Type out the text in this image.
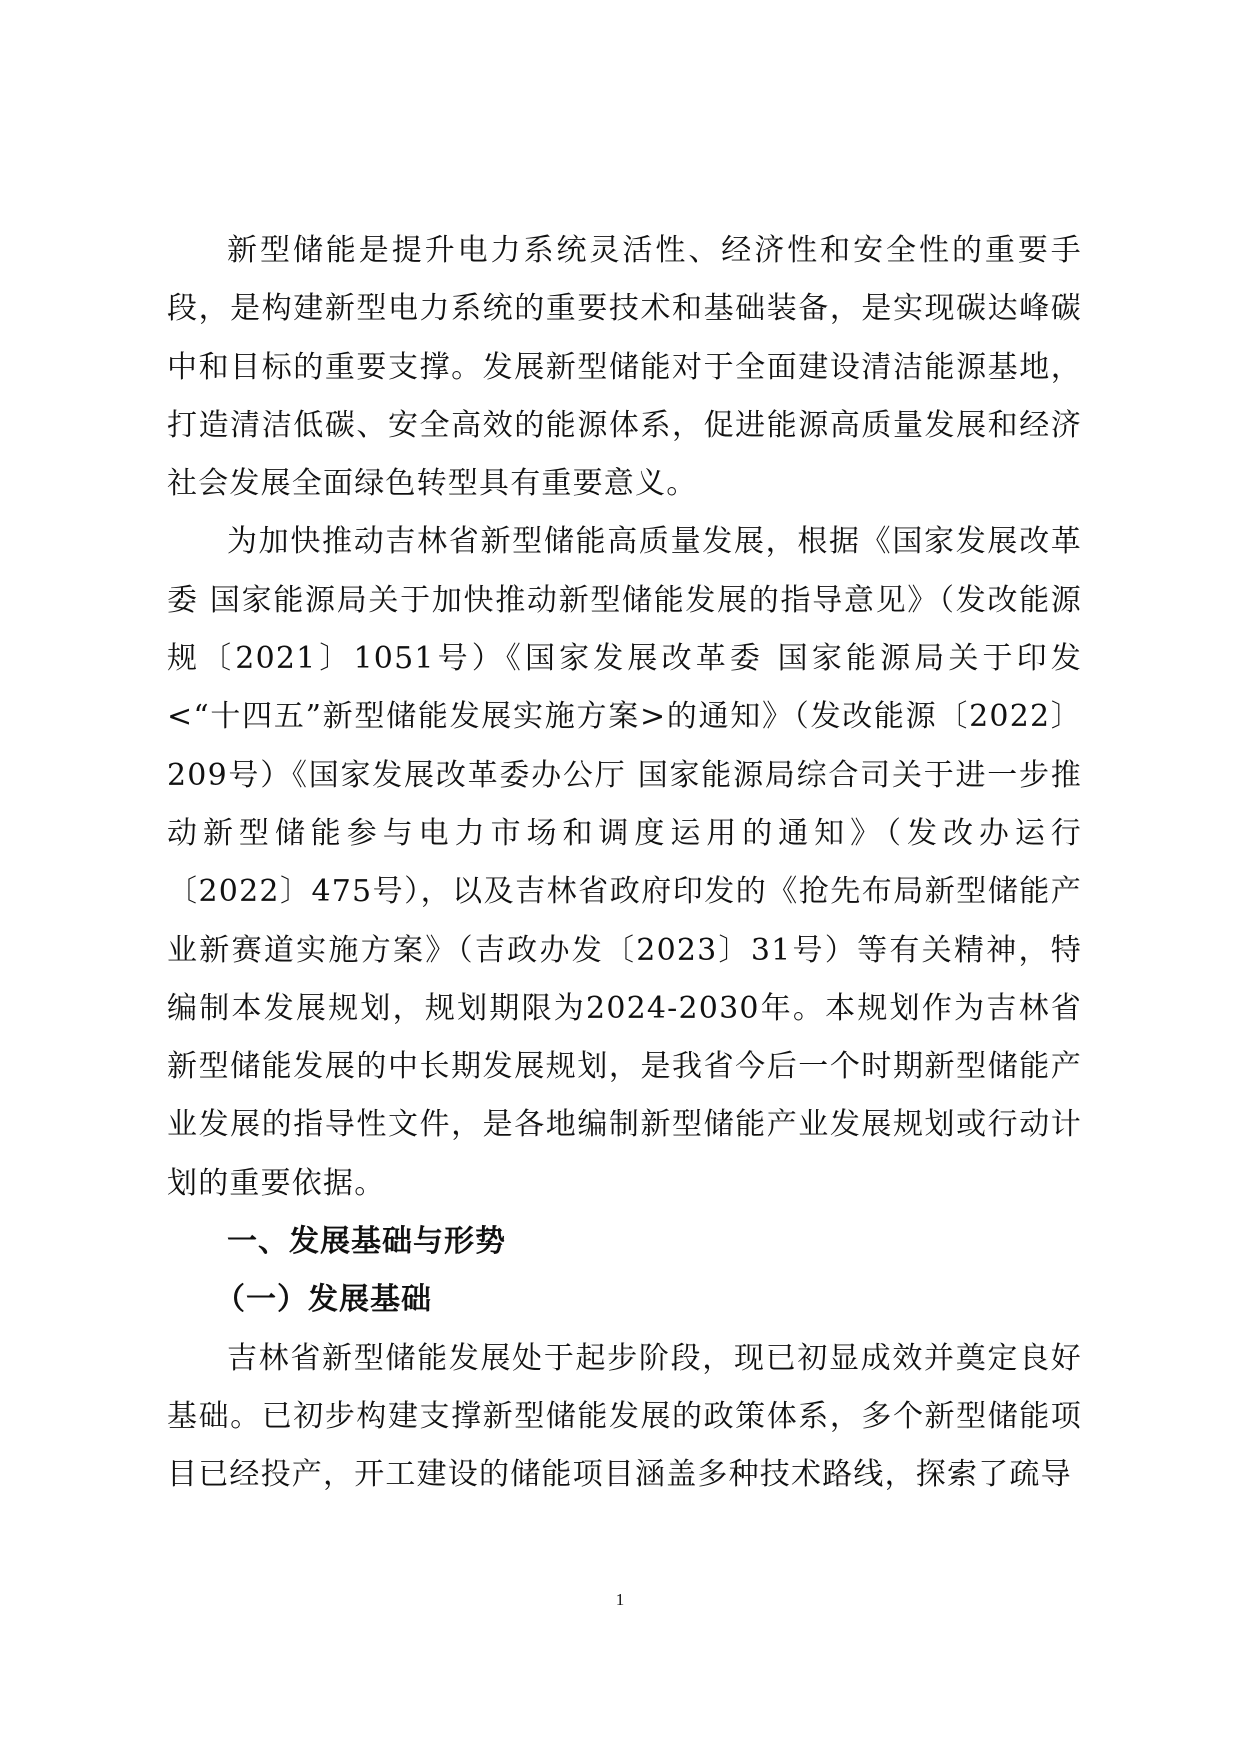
新型储能是提升电力系统灵活性、经济性和安全性的重要手段，是构建新型电力系统的重要技术和基础装备，是实现碳达峰碳中和目标的重要支撑。发展新型储能对于全面建设清洁能源基地，打造清洁低碳、安全高效的能源体系，促进能源高质量发展和经济社会发展全面绿色转型具有重要意义。

为加快推动吉林省新型储能高质量发展，根据《国家发展改革委 国家能源局关于加快推动新型储能发展的指导意见》（发改能源规〔2021〕1051号）《国家发展改革委 国家能源局关于印发<“十四五”新型储能发展实施方案>的通知》（发改能源〔2022〕209号）《国家发展改革委办公厅 国家能源局综合司关于进一步推动新型储能参与电力市场和调度运用的通知》（发改办运行〔2022〕475号），以及吉林省政府印发的《抢先布局新型储能产业新赛道实施方案》（吉政办发〔2023〕31号）等有关精神，特编制本发展规划，规划期限为2024-2030年。本规划作为吉林省新型储能发展的中长期发展规划，是我省今后一个时期新型储能产业发展的指导性文件，是各地编制新型储能产业发展规划或行动计划的重要依据。

一、发展基础与形势
（一）发展基础

吉林省新型储能发展处于起步阶段，现已初显成效并奠定良好基础。已初步构建支撑新型储能发展的政策体系，多个新型储能项目已经投产，开工建设的储能项目涵盖多种技术路线，探索了疏导

1
